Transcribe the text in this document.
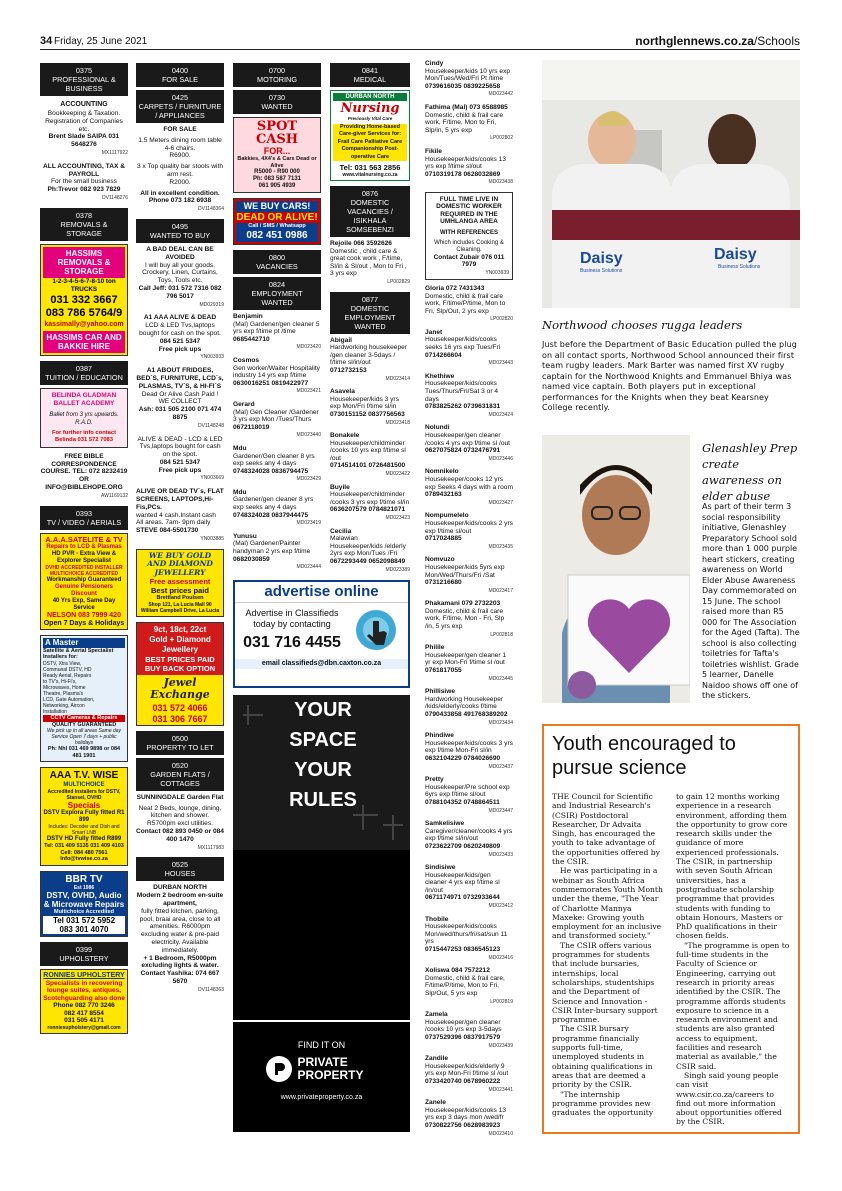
34 Friday, 25 June 2021	northglennews.co.za/Schools
0375
PROFESSIONAL & BUSINESS
ACCOUNTING
Bookkeeping & Taxation. Registration of Companies etc.
Brent Slade SAIPA 031 5648276
MX1117922
ALL ACCOUNTING, TAX & PAYROLL
For the small business
Ph:Trevor 082 923 7829
DV1148276
0378
REMOVALS & STORAGE
HASSIMS REMOVALS & STORAGE
1-2-3-4-5-6-7-8-10 ton TRUCKS
031 332 3667
083 786 5764/9
kassimally@yahoo.com
HASSIMS CAR AND BAKKIE HIRE
0387
TUITION / EDUCATION
BELINDA GLADMAN BALLET ACADEMY
Ballet from 3 yrs upwards. R.A.D.
For further info contact Belinda 031 572 7083
FREE BIBLE CORRESPONDENCE COURSE. TEL: 072 8232419 OR INFO@BIBLEHOPE.ORG
AW1169132
0393
TV / VIDEO / AERIALS
A.A.A.SATELITE & TV
Repairs to LCD & Plasmas
HD PVR - Extra View & Explorer Specialist
DVHD ACCREDITED INSTALLER MULTICHOICE ACCREDITED
Workmanship Guaranteed
Genuine Pensioners Discount
40 Yrs Exp, Same Day Service
NELSON 083 7999 420
Open 7 Days & Holidays
A Master
Satellite & Aerial Specialist Installers for:
DSTV, Xtra View, Communal DSTV, HD Ready Aerial, Repairs to TV's, Hi-Fi's, Microwaves, Home Theatre, Plasma's LCD, Gate Automation, Networking, Aircon Installation
CCTV Cameras & Repairs
QUALITY GUARANTEED
We pick up in all areas Same day Service Open 7 days + public holidays
Ph: Nhl 031 469 9898 or 084 481 1901
AAA T.V. WISE
MULTICHOICE
Accredited Installers for DSTV, Stansel, OVHD
Specials
DSTV Explora Fully fitted R1 899
Includes: Decoder and Dish and Smart LNB
DSTV HD Fully fitted R899
Tel: 031 409 5135 031 409 4103
Cell: 084 480 7561 Info@tvwise.co.za
BBR TV
Est 1986
DSTV, OVHD, Audio & Microwave Repairs
Multichoice Accredited
Tel 031 572 5952
083 301 4070
0399
UPHOLSTERY
RONNIES UPHOLSTERY
Specialists in recovering lounge suites, antiques, Scotchguarding also done
Phone 082 770 3246
082 417 8554
031 505 4171
ronniesupholstery@gmail.com
0400
FOR SALE
0425
CARPETS / FURNITURE / APPLIANCES
FOR SALE
1.5 Meters dining room table 4-6 chairs.
R6900.
3 x Top quality bar stools with arm rest.
R2000.
All in excellent condition.
Phone 073 182 6938
DV1148364
0495
WANTED TO BUY
A BAD DEAL CAN BE AVOIDED
I will buy all your goods. Crockery, Linen, Curtains, Toys, Tools etc.
Call Jeff: 031 572 7316 082 796 5017
MD029319
A1 AAA ALIVE & DEAD
LCD & LED Tvs,laptops bought for cash on the spot.
084 521 5347
Free pick ups
YN003933
A1 ABOUT FRIDGES, BED`S, FURNITURE, LCD`s, PLASMAS, TV`S, & HI-FI`S
Dead Or Alive Cash Paid ! WE COLLECT
Ash: 031 505 2100 071 474 8875
DV1148248
ALIVE & DEAD - LCD & LED Tvs,laptops bought for cash on the spot.
084 521 5347
Free pick ups
YN003669
ALIVE OR DEAD TV`s, FLAT SCREENS, LAPTOPS,Hi-Fis,PCs.
wanted 4 cash.Instant cash All areas. 7am- 9pm daily
STEVE 084-5501730
YN003885
WE BUY GOLD AND DIAMOND JEWELLERY
Free assessment
Best prices paid
Brettland Poulsen
Shop 121, La Lucia Mall 90 William Campbell Drive, La Lucia
9ct, 18ct, 22ct
Gold + Diamond Jewellery
BEST PRICES PAID
BUY BACK OPTION
Jewel Exchange
031 572 4066
031 306 7667
0500
PROPERTY TO LET
0520
GARDEN FLATS / COTTAGES
SUNNINGDALE Garden Flat
Neat 2 Beds, lounge, dining, kitchen and shower.
R5700pm excl utilities.
Contact 082 893 0450 or 084 400 1470
MX1117983
0525
HOUSES
DURBAN NORTH
Modern 2 bedroom en-suite apartment,
fully fitted kitchen, parking, pool, braai area, close to all amenities. R6000pm excluding water & pre-paid electricity. Available immediately.
+ 1 Bedroom, R5000pm excluding lights & water.
Contact Yashika: 074 667 5670
DV1148363
0700
MOTORING
0730
WANTED
SPOT CASH
FOR...
Bakkies, 4X4's & Cars Dead or Alive
R5000 - R90 000
Ph: 083 587 7131
061 905 4939
WE BUY CARS!
DEAD OR ALIVE!
Call / SMS / Whatsapp
082 451 0986
0800
VACANCIES
0824
EMPLOYMENT WANTED
Benjamin
(Mal) Gardener/gen cleaner 5 yrs exp f/time pt /time
0685442710
MD023420
Cosmos
Gen worker/Waiter Hospitality industry 14 yrs exp f/time
0630016251 0819422977
MD023421
Gerard
(Mal) Gen Cleaner /Gardener 3 yrs exp Mon /Tues/Thurs
0672118019
MD023440
Mdu
Gardener/Gen cleaner 8 yrs exp seeks any 4 days
0748324028 0836794475
MD023429
Mdu
Gardener/gen cleaner 8 yrs exp seeks any 4 days
0748324028 0837944475
MD023419
Yunusu
(Mal) Gardener/Painter handyman 2 yrs exp f/time
0682030859
MD023444
advertise online
Advertise in Classifieds today by contacting
031 716 4455
email classifieds@dbn.caxton.co.za
YOUR SPACE YOUR RULES
FIND IT ON
PRIVATE PROPERTY
www.privateproperty.co.za
0841
MEDICAL
DURBAN NORTH
Nursing
Previously Vital Care
Providing Home-based Care-giver Services for: Frail Care Palliative Care Companionship Post-operative Care
Tel: 031 563 2856
www.vitalnursing.co.za
0876
DOMESTIC VACANCIES / ISIKHALA SOMSEBENZI
Rejoile 066 3592626
Domestic , child care & great cook work , F/time, Sl/in & Sl/out , Mon to Fri , 3 yrs exp
LP002829
0877
DOMESTIC EMPLOYMENT WANTED
Abigail
Hardworking housekeeper /gen cleaner 3-5days / f/time sl/in/out
0712732153
MD023414
Asavela
Housekeeper/kids 3 yrs exp Mon/Fri f/time sl/in
0730151152 0837756563
MD023418
Bonakele
Housekeeper/childminder /cooks 10 yrs exp f/time sl /out
0714514101 0726481500
MD023422
Buyile
Housekeeper/childminder /cooks 3 yrs exp f/time sl/in
0636207579 0784821071
MD023423
Cecilia
Malawian Housekeeper/kids /elderly 2yrs exp Mon/Tues /Fri
0672293449 0652098849
MD023389
Cindy
Housekeeper/kids 10 yrs exp Mon/Tues/Wed/Fri Pt /time
0739616035 0839225658
MD023442
Fathima (Mal) 073 6588985
Domestic, child & frail care work, F/time, Mon to Fri, Slp/in, 5 yrs exp
LP002802
Fikile
Housekeeper/kids/cooks 13 yrs exp f/time sl/out
0710319178 0628032869
MD023438
FULL TIME LIVE IN DOMESTIC WORKER REQUIRED IN THE UMHLANGA AREA
WITH REFERENCES
Which includes Cooking & Cleaning.
Contact Zubair 076 011 7979
YN003939
Gloria 072 7431343
Domestic, child & frail care work, F/time/P/time, Mon to Fri, Slp/Out, 2 yrs exp
LP002820
Janet
Housekeeper/kids/cooks seeks 16 yrs exp Tues/Fri
0714266604
MD023443
Khethiwe
Housekeeper/kids/cooks Tues/Thurs/Fri/Sat 3 or 4 days
0783825262 0739631831
MD023424
Nolundi
Housekeeper/gen cleaner /cooks 4 yrs exp f/time sl /out
0627075824 0732476791
MD023446
Nomnikelo
Housekeeper/cooks 12 yrs exp Seeks 4 days with a room
0789432163
MD023427
Nompumelelo
Housekeeper/kids/cooks 2 yrs exp f/time sl/out
0717024885
MD023435
Nomvuzo
Housekeeper/kids 5yrs exp Mon/Wed/Thurs/Fri /Sat
0731216680
MD023417
Phakamani 079 2732203
Domestic, child & frail care work, F/time, Mon - Fri, Slp /in, 5 yrs exp
LP002818
Philile
Housekeeper/gen cleaner 1 yr exp Mon-Fri f/time sl /out
0761817055
MD023445
Phillisiwe
Hardworking Housekeeper /kids/elderly/cooks f/time
0790433858 491768389202
MD023434
Phindiwe
Housekeeper/kids/cooks 3 yrs exp f/time Mon-Fri sl/in
0632104229 0784026690
MD023437
Pretty
Housekeeper/Pre school exp 6yrs exp f/time sl/out
0788104352 0748864511
MD023447
Samkelisiwe
Caregiver/cleaner/cooks 4 yrs exp f/time sl/in/out
0723622709 0620249809
MD023433
Sindisiwe
Housekeeper/kids/gen cleaner 4 yrs exp f/time sl /in/out
0671174971 0732933644
MD023412
Thobile
Housekeeper/kids/cooks Mon/wed/thurs/fri/sat/sun 11 yrs
0715447253 0836545123
MD023416
Xoliswa 084 7572212
Domestic, child & frail care, F/time/P/time, Mon to Fri, Slp/Out, 5 yrs exp
LP002819
Zamela
Housekeeper/gen cleaner /cooks 10 yrs exp 3-5days
0737529396 0837917579
MD023439
Zandile
Housekeeper/kids/elderly 9 yrs exp Mon-Fri f/time sl /out
0733420740 0678960222
MD023441
Zanele
Housekeeper/kids/cooks 13 yrs exp 3 days mon /wed/fr
0730822756 0628983923
MD023410
Daisy
Business Solutions
Daisy
Business Solutions
Northwood chooses rugga leaders
Just before the Department of Basic Education pulled the plug on all contact sports, Northwood School announced their first team rugby leaders. Mark Barter was named first XV rugby captain for the Northwood Knights and Emmanuel Bhiya was named vice captain. Both players put in exceptional performances for the Knights when they beat Kearsney College recently.
Glenashley Prep create awareness on elder abuse
As part of their term 3 social responsibility initiative, Glenashley Preparatory School sold more than 1 000 purple heart stickers, creating awareness on World Elder Abuse Awareness Day commemorated on 15 June. The school raised more than R5 000 for The Association for the Aged (Tafta). The school is also collecting toiletries for Tafta's toiletries wishlist. Grade 5 learner, Danelle Naidoo shows off one of the stickers.
Youth encouraged to pursue science

THE Council for Scientific and Industrial Research's (CSIR) Postdoctoral Researcher, Dr Advaita Singh, has encouraged the youth to take advantage of the opportunities offered by the CSIR.

He was participating in a webinar as South Africa commemorates Youth Month under the theme, "The Year of Charlotte Mannya Maxeke: Growing youth employment for an inclusive and transformed society."

The CSIR offers various programmes for students that include bursaries, internships, local scholarships, studentships and the Department of Science and Innovation - CSIR Inter-bursary support programme.

The CSIR bursary programme financially supports full-time, unemployed students in obtaining qualifications in areas that are deemed a priority by the CSIR.

"The internship programme provides new graduates the opportunity

to gain 12 months working experience in a research environment, affording them the opportunity to grow core research skills under the guidance of more experienced professionals. The CSIR, in partnership with seven South African universities, has a postgraduate scholarship programme that provides students with funding to obtain Honours, Masters or PhD qualifications in their chosen fields.

"The programme is open to full-time students in the Faculty of Science or Engineering, carrying out research in priority areas identified by the CSIR. The programme affords students exposure to science in a research environment and students are also granted access to equipment, facilities and research material as available," the CSIR said.

Singh said young people can visit www.csir.co.za/careers to find out more information about opportunities offered by the CSIR.
